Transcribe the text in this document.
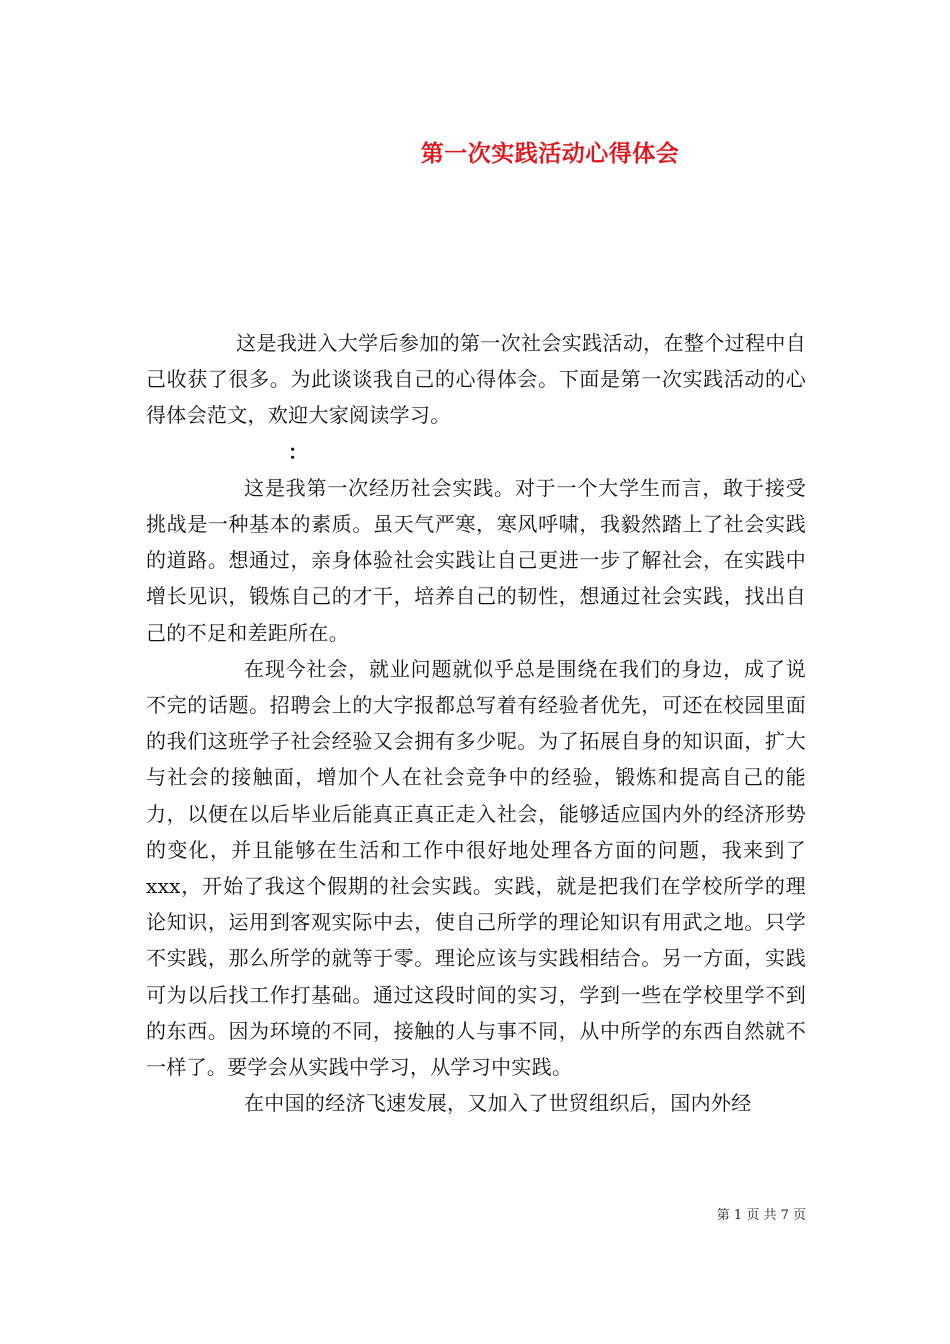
第一次实践活动心得体会

这是我进入大学后参加的第一次社会实践活动，在整个过程中自己收获了很多。为此谈谈我自己的心得体会。下面是第一次实践活动的心得体会范文，欢迎大家阅读学习。

：

这是我第一次经历社会实践。对于一个大学生而言，敢于接受挑战是一种基本的素质。虽天气严寒，寒风呼啸，我毅然踏上了社会实践的道路。想通过，亲身体验社会实践让自己更进一步了解社会，在实践中增长见识，锻炼自己的才干，培养自己的韧性，想通过社会实践，找出自己的不足和差距所在。

在现今社会，就业问题就似乎总是围绕在我们的身边，成了说不完的话题。招聘会上的大字报都总写着有经验者优先，可还在校园里面的我们这班学子社会经验又会拥有多少呢。为了拓展自身的知识面，扩大与社会的接触面，增加个人在社会竞争中的经验，锻炼和提高自己的能力，以便在以后毕业后能真正真正走入社会，能够适应国内外的经济形势的变化，并且能够在生活和工作中很好地处理各方面的问题，我来到了xxx，开始了我这个假期的社会实践。实践，就是把我们在学校所学的理论知识，运用到客观实际中去，使自己所学的理论知识有用武之地。只学不实践，那么所学的就等于零。理论应该与实践相结合。另一方面，实践可为以后找工作打基础。通过这段时间的实习，学到一些在学校里学不到的东西。因为环境的不同，接触的人与事不同，从中所学的东西自然就不一样了。要学会从实践中学习，从学习中实践。

在中国的经济飞速发展，又加入了世贸组织后，国内外经

第 1 页 共 7 页
